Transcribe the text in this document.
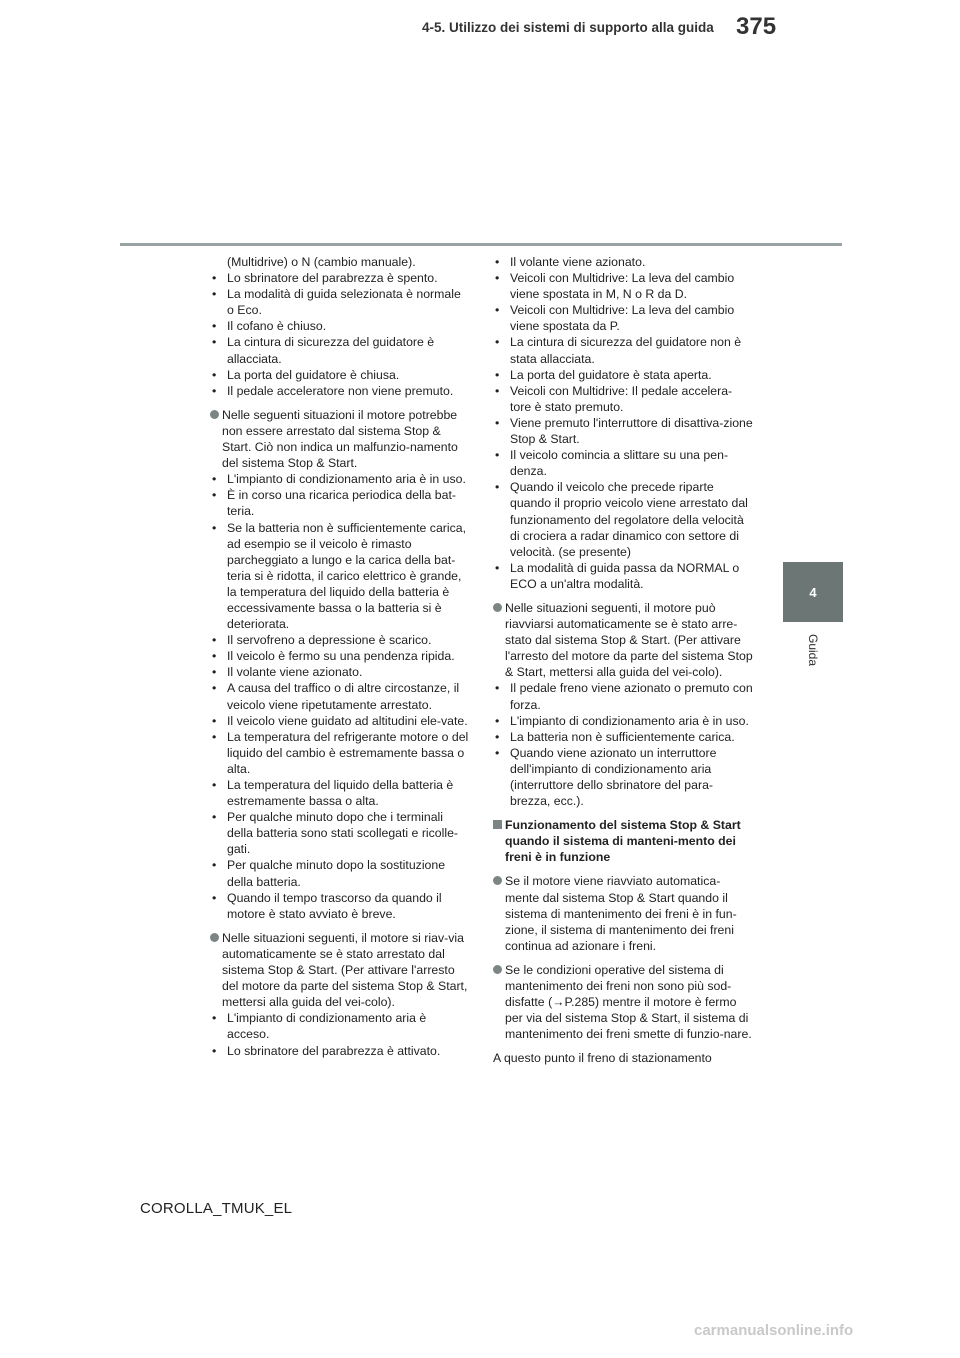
4-5. Utilizzo dei sistemi di supporto alla guida 375
4
Guida
(Multidrive) o N (cambio manuale).
• Lo sbrinatore del parabrezza è spento.
• La modalità di guida selezionata è normale o Eco.
• Il cofano è chiuso.
• La cintura di sicurezza del guidatore è allacciata.
• La porta del guidatore è chiusa.
• Il pedale acceleratore non viene premuto.
Nelle seguenti situazioni il motore potrebbe non essere arrestato dal sistema Stop & Start. Ciò non indica un malfunzio-namento del sistema Stop & Start.
• L'impianto di condizionamento aria è in uso.
• È in corso una ricarica periodica della bat-teria.
• Se la batteria non è sufficientemente carica, ad esempio se il veicolo è rimasto parcheggiato a lungo e la carica della bat-teria si è ridotta, il carico elettrico è grande, la temperatura del liquido della batteria è eccessivamente bassa o la batteria si è deteriorata.
• Il servofreno a depressione è scarico.
• Il veicolo è fermo su una pendenza ripida.
• Il volante viene azionato.
• A causa del traffico o di altre circostanze, il veicolo viene ripetutamente arrestato.
• Il veicolo viene guidato ad altitudini ele-vate.
• La temperatura del refrigerante motore o del liquido del cambio è estremamente bassa o alta.
• La temperatura del liquido della batteria è estremamente bassa o alta.
• Per qualche minuto dopo che i terminali della batteria sono stati scollegati e ricolle-gati.
• Per qualche minuto dopo la sostituzione della batteria.
• Quando il tempo trascorso da quando il motore è stato avviato è breve.
Nelle situazioni seguenti, il motore si riav-via automaticamente se è stato arrestato dal sistema Stop & Start. (Per attivare l'arresto del motore da parte del sistema Stop & Start, mettersi alla guida del vei-colo).
• L'impianto di condizionamento aria è acceso.
• Lo sbrinatore del parabrezza è attivato.
• Il volante viene azionato.
• Veicoli con Multidrive: La leva del cambio viene spostata in M, N o R da D.
• Veicoli con Multidrive: La leva del cambio viene spostata da P.
• La cintura di sicurezza del guidatore non è stata allacciata.
• La porta del guidatore è stata aperta.
• Veicoli con Multidrive: Il pedale accelera-tore è stato premuto.
• Viene premuto l'interruttore di disattiva-zione Stop & Start.
• Il veicolo comincia a slittare su una pen-denza.
• Quando il veicolo che precede riparte quando il proprio veicolo viene arrestato dal funzionamento del regolatore della velocità di crociera a radar dinamico con settore di velocità. (se presente)
• La modalità di guida passa da NORMAL o ECO a un'altra modalità.
Nelle situazioni seguenti, il motore può riavviarsi automaticamente se è stato arre-stato dal sistema Stop & Start. (Per attivare l'arresto del motore da parte del sistema Stop & Start, mettersi alla guida del vei-colo).
• Il pedale freno viene azionato o premuto con forza.
• L'impianto di condizionamento aria è in uso.
• La batteria non è sufficientemente carica.
• Quando viene azionato un interruttore dell'impianto di condizionamento aria (interruttore dello sbrinatore del para-brezza, ecc.).
Funzionamento del sistema Stop & Start quando il sistema di manteni-mento dei freni è in funzione
Se il motore viene riavviato automatica-mente dal sistema Stop & Start quando il sistema di mantenimento dei freni è in fun-zione, il sistema di mantenimento dei freni continua ad azionare i freni.
Se le condizioni operative del sistema di mantenimento dei freni non sono più sod-disfatte (→P.285) mentre il motore è fermo per via del sistema Stop & Start, il sistema di mantenimento dei freni smette di funzio-nare.
A questo punto il freno di stazionamento
COROLLA_TMUK_EL
carmanualsonline.info
